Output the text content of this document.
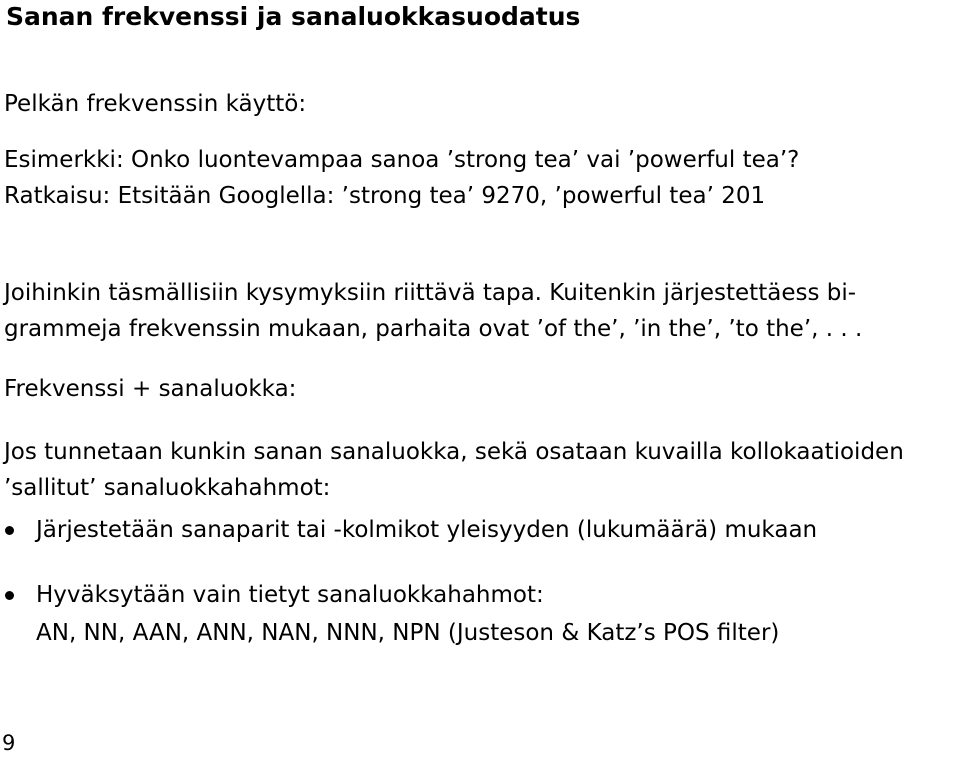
Sanan frekvenssi ja sanaluokkasuodatus
Pelkän frekvenssin käyttö:
Esimerkki: Onko luontevampaa sanoa ’strong tea’ vai ’powerful tea’?
Ratkaisu: Etsitään Googlella: ’strong tea’ 9270, ’powerful tea’ 201
Joihinkin täsmällisiin kysymyksiin riittävä tapa. Kuitenkin järjestettäess bi-
grammeja frekvenssin mukaan, parhaita ovat ’of the’, ’in the’, ’to the’, . . .
Frekvenssi + sanaluokka:
Jos tunnetaan kunkin sanan sanaluokka, sekä osataan kuvailla kollokaatioiden
’sallitut’ sanaluokkahahmot:
Järjestetään sanaparit tai -kolmikot yleisyyden (lukumäärä) mukaan
Hyväksytään vain tietyt sanaluokkahahmot:
AN, NN, AAN, ANN, NAN, NNN, NPN (Justeson & Katz’s POS filter)
9
